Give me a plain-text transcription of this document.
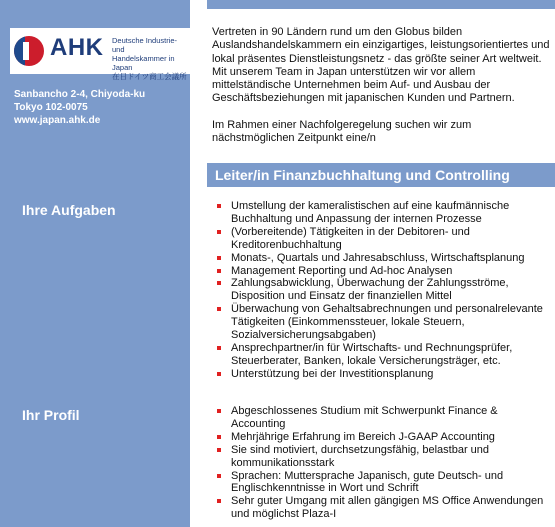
AHK Deutsche Industrie- und
Handelskammer in Japan
在日ドイツ商工会議所
Sanbancho 2-4, Chiyoda-ku
Tokyo 102-0075
www.japan.ahk.de
Ihre Aufgaben
Ihr Profil

Vertreten in 90 Ländern rund um den Globus bilden Auslandshandelskammern ein einzigartiges, leistungsorientiertes und lokal präsentes Dienstleistungsnetz - das größte seiner Art weltweit. Mit unserem Team in Japan unterstützen wir vor allem mittelständische Unternehmen beim Auf- und Ausbau der Geschäftsbeziehungen mit japanischen Kunden und Partnern.

Im Rahmen einer Nachfolgeregelung suchen wir zum nächstmöglichen Zeitpunkt eine/n

Leiter/in Finanzbuchhaltung und Controlling
Umstellung der kameralistischen auf eine kaufmännische Buchhaltung und Anpassung der internen Prozesse
(Vorbereitende) Tätigkeiten in der Debitoren- und Kreditorenbuchhaltung
Monats-, Quartals und Jahresabschluss, Wirtschaftsplanung
Management Reporting und Ad-hoc Analysen
Zahlungsabwicklung, Überwachung der Zahlungsströme, Disposition und Einsatz der finanziellen Mittel
Überwachung von Gehaltsabrechnungen und personalrelevante Tätigkeiten (Einkommenssteuer, lokale Steuern, Sozialversicherungsabgaben)
Ansprechpartner/in für Wirtschafts- und Rechnungsprüfer, Steuerberater, Banken, lokale Versicherungsträger, etc.
Unterstützung bei der Investitionsplanung
Abgeschlossenes Studium mit Schwerpunkt Finance & Accounting
Mehrjährige Erfahrung im Bereich J-GAAP Accounting
Sie sind motiviert, durchsetzungsfähig, belastbar und kommunikationsstark
Sprachen: Muttersprache Japanisch, gute Deutsch- und Englischkenntnisse in Wort und Schrift
Sehr guter Umgang mit allen gängigen MS Office Anwendungen und möglichst Plaza-I
